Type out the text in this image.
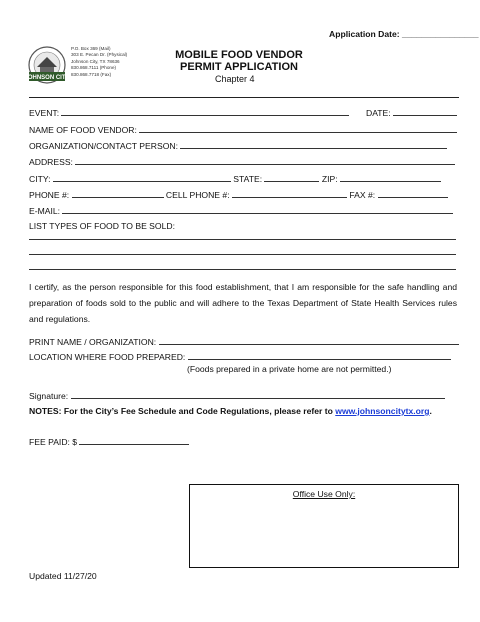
Application Date: ________________
JOHNSON CITY
P.O. Box 369 (Mail)
303 E. Pecan Dr. (Physical)
Johnson City, TX 78636
830.868.7111 (Phone)
830.868.7718 (Fax)
MOBILE FOOD VENDOR
PERMIT APPLICATION
Chapter 4
EVENT:	DATE:
NAME OF FOOD VENDOR:
ORGANIZATION/CONTACT PERSON:
ADDRESS:
CITY:	STATE:	ZIP:
PHONE #:	CELL PHONE #:	FAX #:
E-MAIL:
LIST TYPES OF FOOD TO BE SOLD:
I certify, as the person responsible for this food establishment, that I am responsible for the safe handling and preparation of foods sold to the public and will adhere to the Texas Department of State Health Services rules and regulations.
PRINT NAME / ORGANIZATION:
LOCATION WHERE FOOD PREPARED:
(Foods prepared in a private home are not permitted.)
Signature:
NOTES: For the City’s Fee Schedule and Code Regulations, please refer to www.johnsoncitytx.org.
FEE PAID: $
Office Use Only:
Updated 11/27/20
